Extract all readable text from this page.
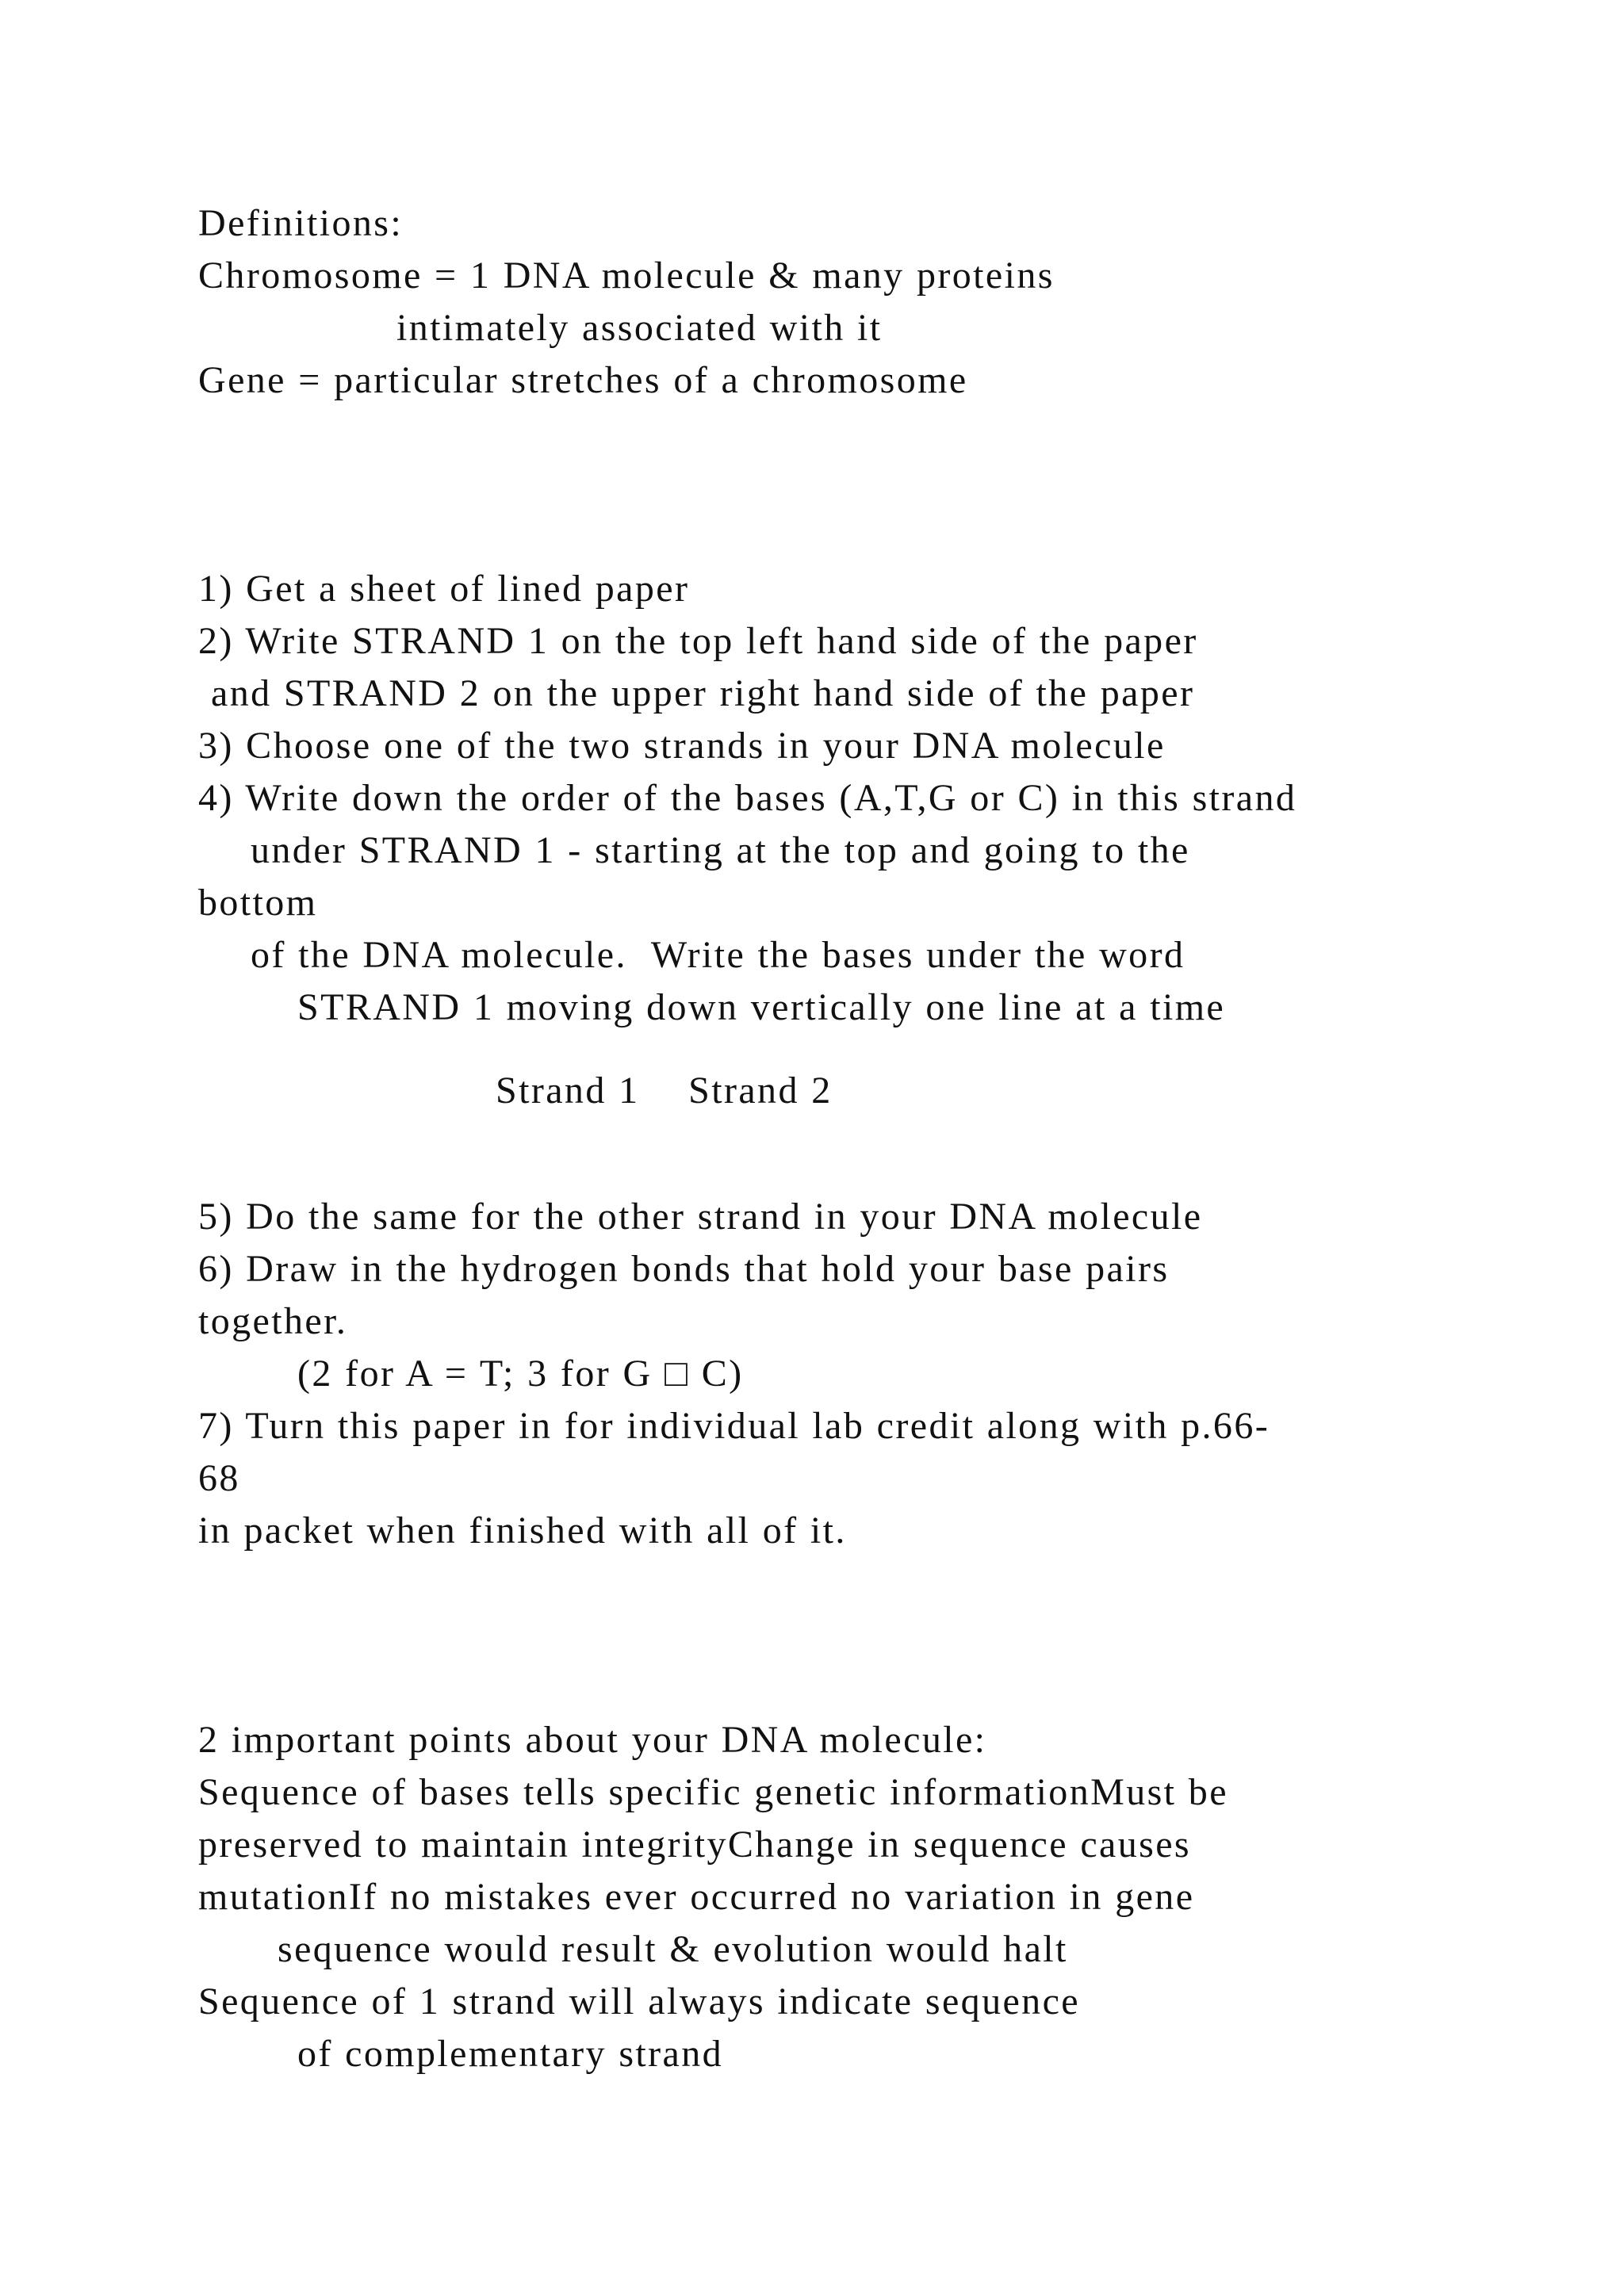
Definitions:
Chromosome = 1 DNA molecule & many proteins
intimately associated with it
Gene = particular stretches of a chromosome
1) Get a sheet of lined paper
2) Write STRAND 1 on the top left hand side of the paper
and STRAND 2 on the upper right hand side of the paper
3) Choose one of the two strands in your DNA molecule
4) Write down the order of the bases (A,T,G or C) in this strand
under STRAND 1 - starting at the top and going to the
bottom
of the DNA molecule.  Write the bases under the word
STRAND 1 moving down vertically one line at a time
Strand 1    Strand 2
5) Do the same for the other strand in your DNA molecule
6) Draw in the hydrogen bonds that hold your base pairs
together.
(2 for A = T; 3 for G □ C)
7) Turn this paper in for individual lab credit along with p.66-
68
in packet when finished with all of it.
2 important points about your DNA molecule:
Sequence of bases tells specific genetic informationMust be
preserved to maintain integrityChange in sequence causes
mutationIf no mistakes ever occurred no variation in gene
sequence would result & evolution would halt
Sequence of 1 strand will always indicate sequence
of complementary strand
